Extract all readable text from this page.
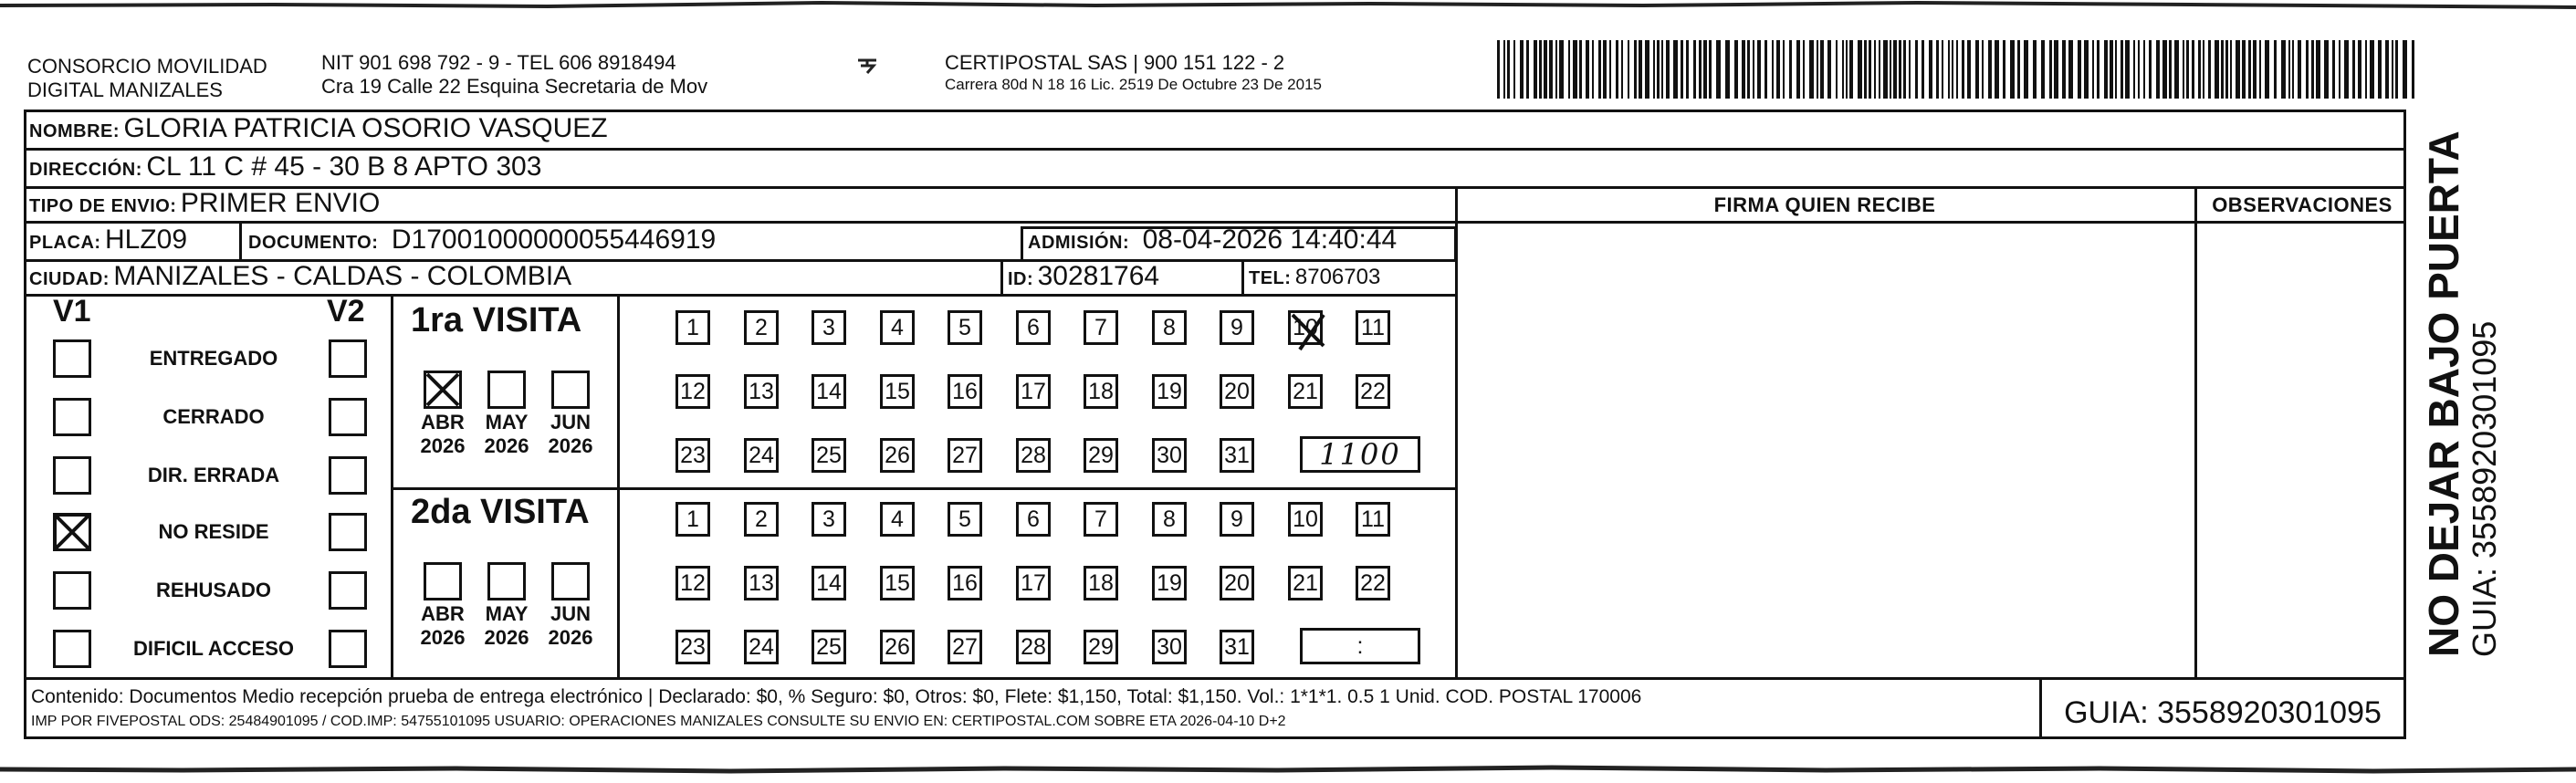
CONSORCIO MOVILIDAD
DIGITAL MANIZALES
NIT 901 698 792 - 9 - TEL 606 8918494
Cra 19 Calle 22 Esquina Secretaria de Mov
CERTIPOSTAL SAS | 900 151 122 - 2
Carrera 80d N 18 16 Lic. 2519 De Octubre 23 De 2015
NOMBRE: GLORIA PATRICIA OSORIO VASQUEZ
DIRECCIÓN: CL 11 C # 45 - 30 B 8 APTO 303
TIPO DE ENVIO: PRIMER ENVIO	FIRMA QUIEN RECIBE	OBSERVACIONES
PLACA: HLZ09	DOCUMENTO: D17001000000055446919	ADMISIÓN: 08-04-2026 14:40:44
CIUDAD: MANIZALES - CALDAS - COLOMBIA	ID: 30281764	TEL: 8706703
V1	V2
ENTREGADO
CERRADO
DIR. ERRADA
NO RESIDE
REHUSADO
DIFICIL ACCESO
1ra VISITA
2da VISITA
ABR
2026
MAY
2026
JUN
2026
ABR
2026
MAY
2026
JUN
2026
1	2	3	4	5	6	7	8	9	10 11
12 13 14 15 16 17 18 19 20 21 22
23 24 25 26 27 28 29 30 31
1	2	3	4	5	6	7	8	9	10 11
12 13 14 15 16 17 18 19 20 21 22
23 24 25 26 27 28 29 30 31
1100
:
Contenido: Documentos Medio recepción prueba de entrega electrónico | Declarado: $0, % Seguro: $0, Otros: $0, Flete: $1,150, Total: $1,150. Vol.: 1*1*1. 0.5 1 Unid. COD. POSTAL 170006
IMP POR FIVEPOSTAL ODS: 25484901095 / COD.IMP: 54755101095 USUARIO: OPERACIONES MANIZALES CONSULTE SU ENVIO EN: CERTIPOSTAL.COM SOBRE ETA 2026-04-10 D+2	GUIA: 3558920301095
NO DEJAR BAJO PUERTA
GUIA: 3558920301095
